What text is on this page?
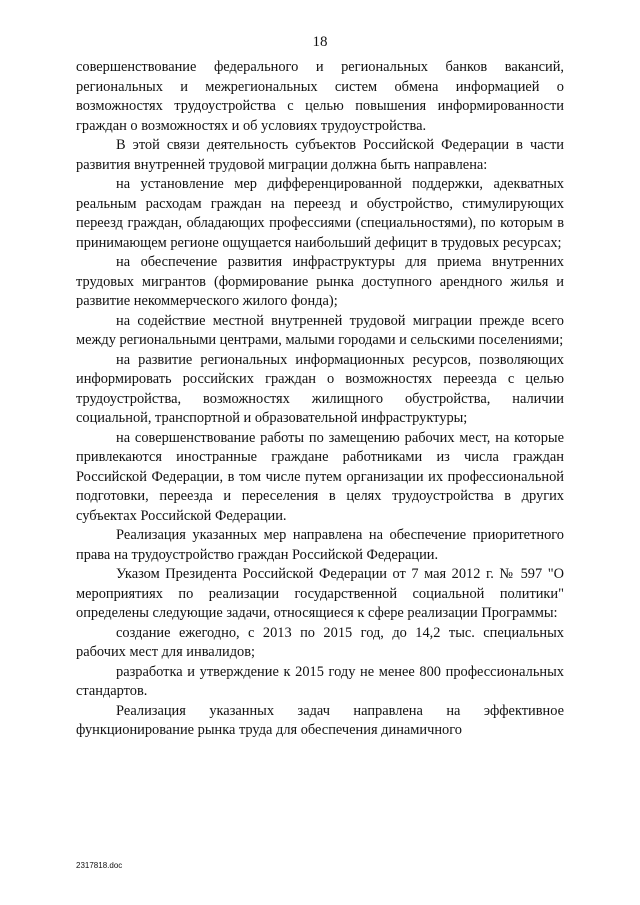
18

совершенствование федерального и региональных банков вакансий, региональных и межрегиональных систем обмена информацией о возможностях трудоустройства с целью повышения информированности граждан о возможностях и об условиях трудоустройства.

В этой связи деятельность субъектов Российской Федерации в части развития внутренней трудовой миграции должна быть направлена:

на установление мер дифференцированной поддержки, адекватных реальным расходам граждан на переезд и обустройство, стимулирующих переезд граждан, обладающих профессиями (специальностями), по которым в принимающем регионе ощущается наибольший дефицит в трудовых ресурсах;

на обеспечение развития инфраструктуры для приема внутренних трудовых мигрантов (формирование рынка доступного арендного жилья и развитие некоммерческого жилого фонда);

на содействие местной внутренней трудовой миграции прежде всего между региональными центрами, малыми городами и сельскими поселениями;

на развитие региональных информационных ресурсов, позволяющих информировать российских граждан о возможностях переезда с целью трудоустройства, возможностях жилищного обустройства, наличии социальной, транспортной и образовательной инфраструктуры;

на совершенствование работы по замещению рабочих мест, на которые привлекаются иностранные граждане работниками из числа граждан Российской Федерации, в том числе путем организации их профессиональной подготовки, переезда и переселения в целях трудоустройства в других субъектах Российской Федерации.

Реализация указанных мер направлена на обеспечение приоритетного права на трудоустройство граждан Российской Федерации.

Указом Президента Российской Федерации от 7 мая 2012 г. № 597 "О мероприятиях по реализации государственной социальной политики" определены следующие задачи, относящиеся к сфере реализации Программы:

создание ежегодно, с 2013 по 2015 год, до 14,2 тыс. специальных рабочих мест для инвалидов;

разработка и утверждение к 2015 году не менее 800 профессиональных стандартов.

Реализация указанных задач направлена на эффективное функционирование рынка труда для обеспечения динамичного

2317818.doc
